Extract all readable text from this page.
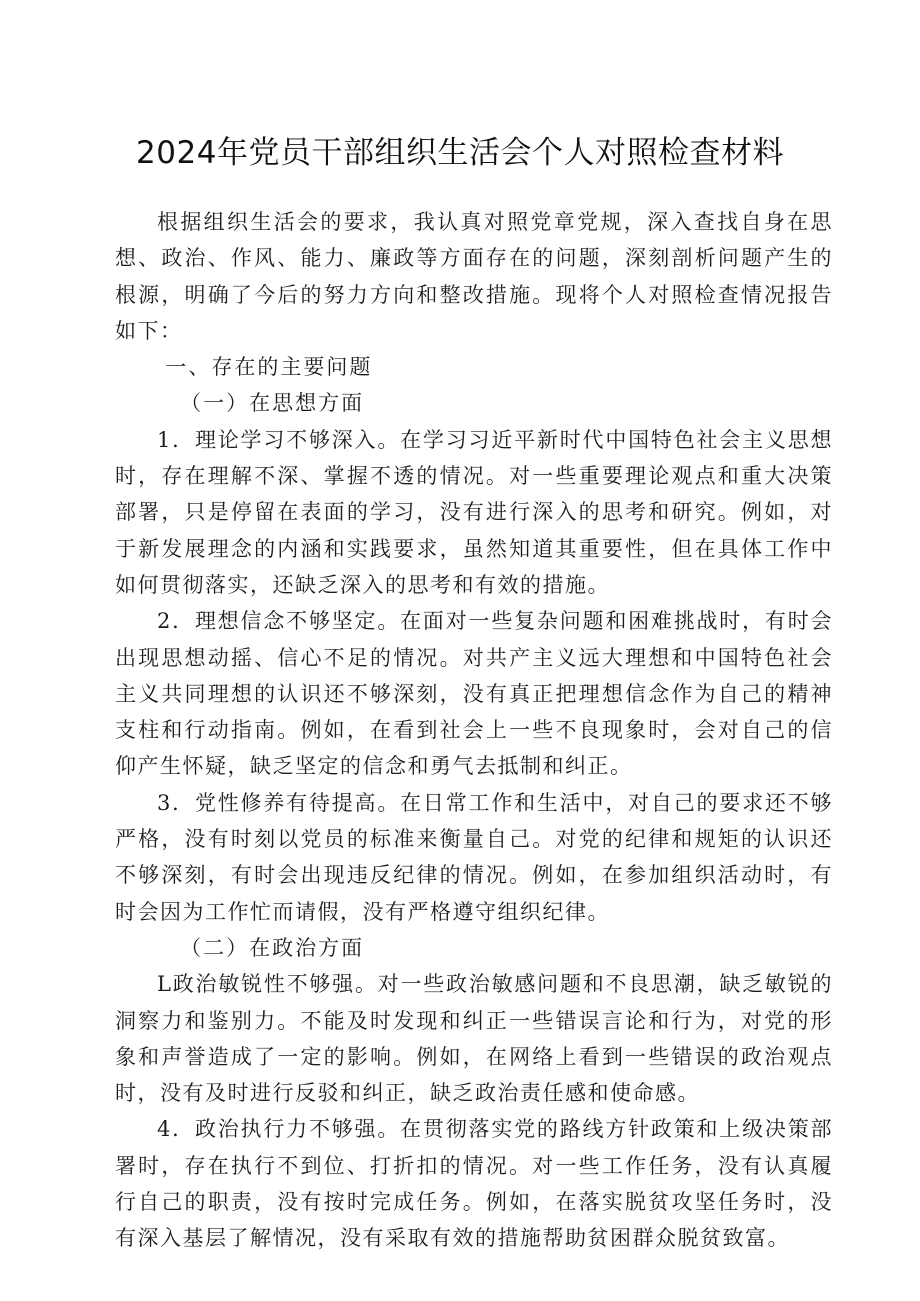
2024年党员干部组织生活会个人对照检查材料

根据组织生活会的要求，我认真对照党章党规，深入查找自身在思想、政治、作风、能力、廉政等方面存在的问题，深刻剖析问题产生的根源，明确了今后的努力方向和整改措施。现将个人对照检查情况报告如下：

一、存在的主要问题

（一）在思想方面

1．理论学习不够深入。在学习习近平新时代中国特色社会主义思想时，存在理解不深、掌握不透的情况。对一些重要理论观点和重大决策部署，只是停留在表面的学习，没有进行深入的思考和研究。例如，对于新发展理念的内涵和实践要求，虽然知道其重要性，但在具体工作中如何贯彻落实，还缺乏深入的思考和有效的措施。

2．理想信念不够坚定。在面对一些复杂问题和困难挑战时，有时会出现思想动摇、信心不足的情况。对共产主义远大理想和中国特色社会主义共同理想的认识还不够深刻，没有真正把理想信念作为自己的精神支柱和行动指南。例如，在看到社会上一些不良现象时，会对自己的信仰产生怀疑，缺乏坚定的信念和勇气去抵制和纠正。

3．党性修养有待提高。在日常工作和生活中，对自己的要求还不够严格，没有时刻以党员的标准来衡量自己。对党的纪律和规矩的认识还不够深刻，有时会出现违反纪律的情况。例如，在参加组织活动时，有时会因为工作忙而请假，没有严格遵守组织纪律。

（二）在政治方面

L政治敏锐性不够强。对一些政治敏感问题和不良思潮，缺乏敏锐的洞察力和鉴别力。不能及时发现和纠正一些错误言论和行为，对党的形象和声誉造成了一定的影响。例如，在网络上看到一些错误的政治观点时，没有及时进行反驳和纠正，缺乏政治责任感和使命感。

4．政治执行力不够强。在贯彻落实党的路线方针政策和上级决策部署时，存在执行不到位、打折扣的情况。对一些工作任务，没有认真履行自己的职责，没有按时完成任务。例如，在落实脱贫攻坚任务时，没有深入基层了解情况，没有采取有效的措施帮助贫困群众脱贫致富。
